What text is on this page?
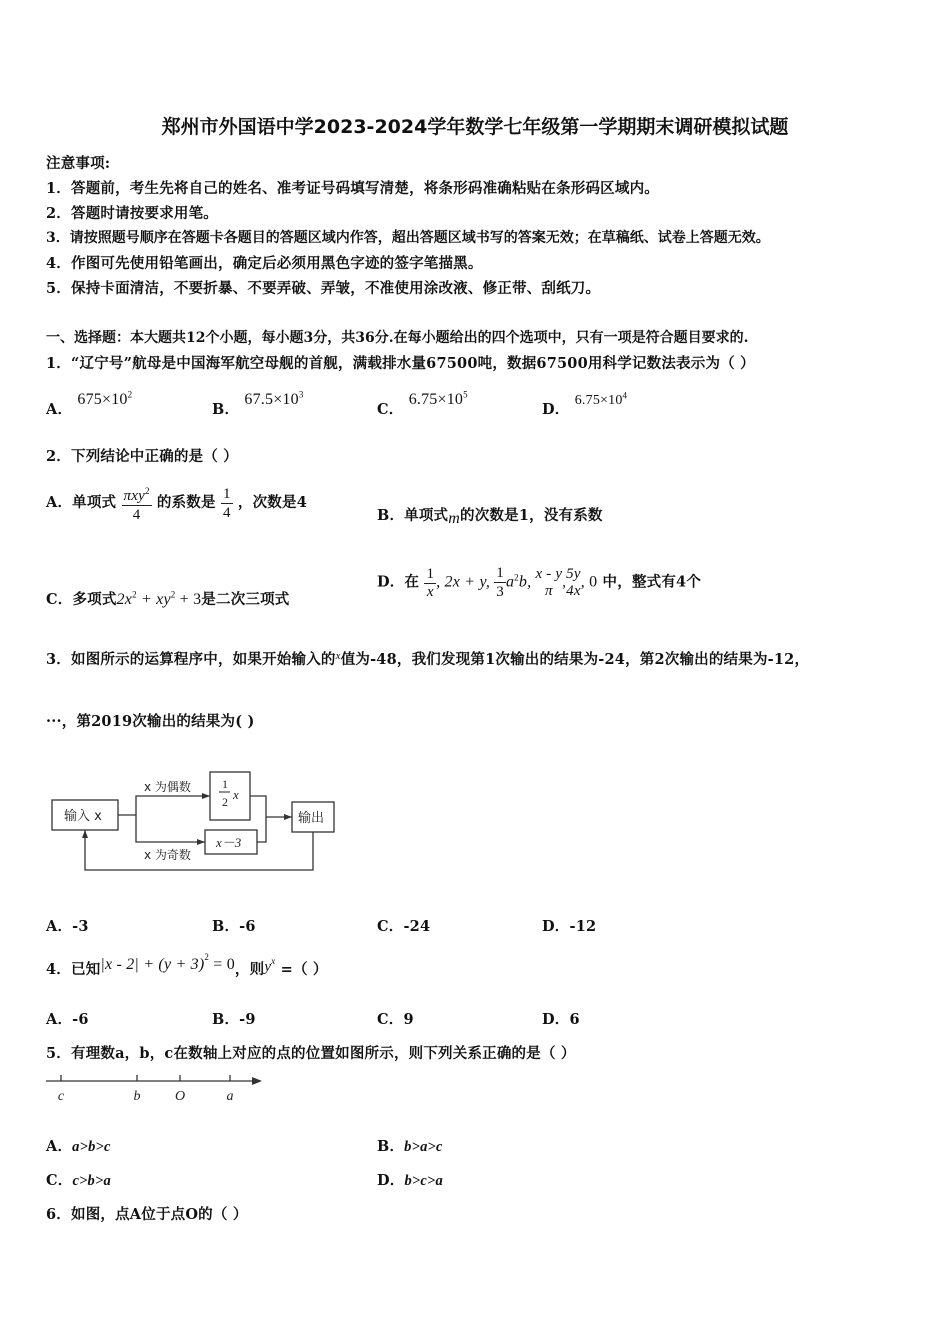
郑州市外国语中学2023-2024学年数学七年级第一学期期末调研模拟试题
注意事项:
1．答题前，考生先将自己的姓名、准考证号码填写清楚，将条形码准确粘贴在条形码区域内。
2．答题时请按要求用笔。
3．请按照题号顺序在答题卡各题目的答题区域内作答，超出答题区域书写的答案无效；在草稿纸、试卷上答题无效。
4．作图可先使用铅笔画出，确定后必须用黑色字迹的签字笔描黑。
5．保持卡面清洁，不要折暴、不要弄破、弄皱，不准使用涂改液、修正带、刮纸刀。
一、选择题：本大题共12个小题，每小题3分，共36分.在每小题给出的四个选项中，只有一项是符合题目要求的.
1．“辽宁号”航母是中国海军航空母舰的首舰，满载排水量67500吨，数据67500用科学记数法表示为（ ）
A． $675\times 10^2$
B． $67.5\times 10^3$
C． $6.75\times 10^5$
D． $6.75\times 10^4$
2．下列结论中正确的是（ ）
A．单项式 $\frac{\pi xy^2}{4}$ 的系数是 $\frac{1}{4}$ ，次数是4
B．单项式m的次数是1，没有系数
C．多项式$2x^2 + xy^2 + 3$是二次三项式
D．在 $\frac{1}{x}$, 2x + y, $\frac{1}{3} a^2b$, x - y
π ,
5y
4x , 0 中，整式有4个
3．如图所示的运算程序中，如果开始输入的$^x$值为-48，我们发现第1次输出的结果为-24，第2次输出的结果为-12，
···，第2019次输出的结果为( )
输入 x
x 为偶数	1
2 x
x－3
x 为奇数
输出
A．-3	B．-6	C．-24	D．-12
4．已知$|x - 2| + (y + 3)^2 = 0$，则$y^x$ =（ ）
A．-6	B．-9	C．9	D．6
5．有理数a，b，c在数轴上对应的点的位置如图所示，则下列关系正确的是（ ）
c	b O	a
A．a>b>c	B．b>a>c
C．c>b>a	D．b>c>a
6．如图，点A位于点O的（ ）
